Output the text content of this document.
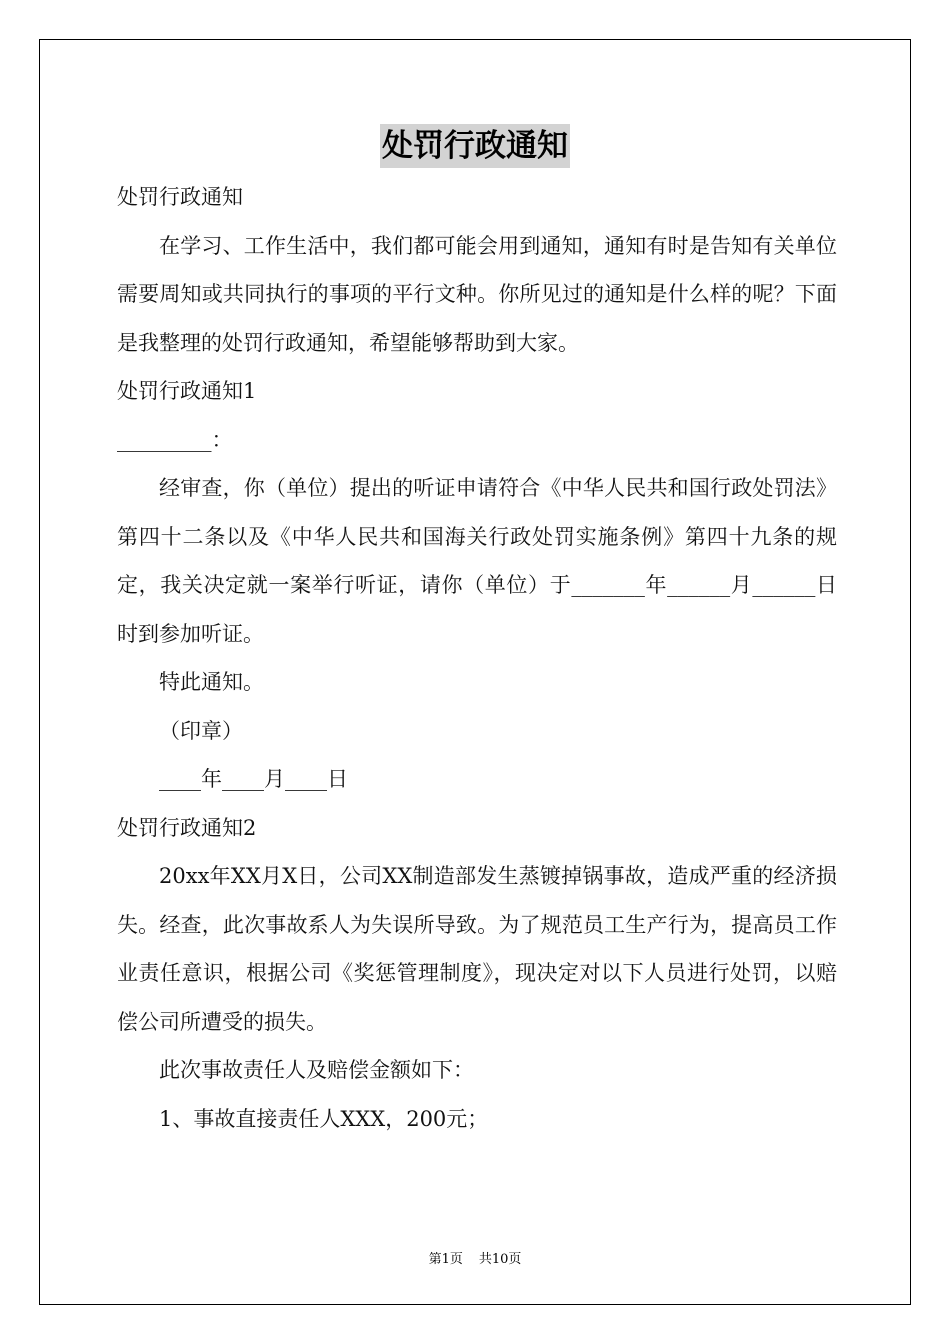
处罚行政通知

处罚行政通知

在学习、工作生活中，我们都可能会用到通知，通知有时是告知有关单位需要周知或共同执行的事项的平行文种。你所见过的通知是什么样的呢？下面是我整理的处罚行政通知，希望能够帮助到大家。

处罚行政通知1

_________：

经审查，你（单位）提出的听证申请符合《中华人民共和国行政处罚法》第四十二条以及《中华人民共和国海关行政处罚实施条例》第四十九条的规定，我关决定就一案举行听证，请你（单位）于_______年______月______日时到参加听证。

特此通知。

（印章）

____年____月____日

处罚行政通知2

20xx年XX月X日，公司XX制造部发生蒸镀掉锅事故，造成严重的经济损失。经查，此次事故系人为失误所导致。为了规范员工生产行为，提高员工作业责任意识，根据公司《奖惩管理制度》，现决定对以下人员进行处罚，以赔偿公司所遭受的损失。

此次事故责任人及赔偿金额如下：

1、事故直接责任人XXX，200元；

第1页 共10页
